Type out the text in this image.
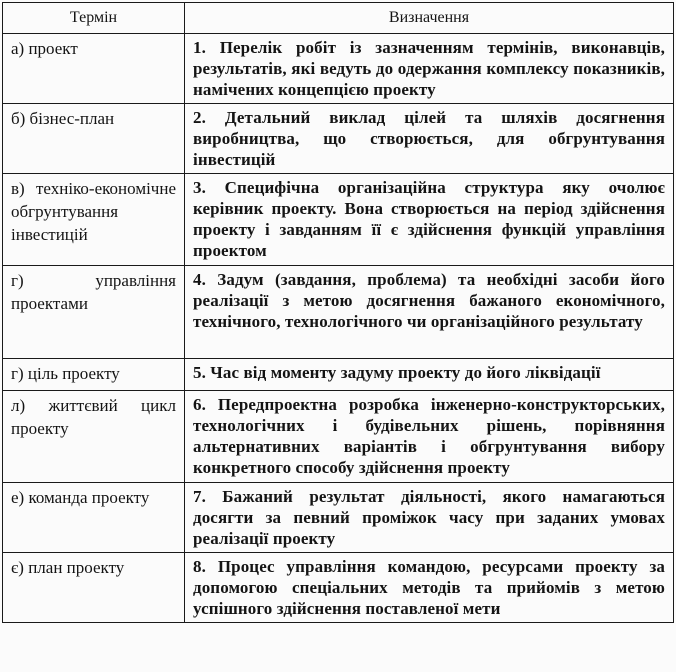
Термін	Визначення
а) проект	1. Перелік робіт із зазначенням термінів, виконавців, результатів, які ведуть до одержання комплексу показників, намічених концепцією проекту
б) бізнес-план	2. Детальний виклад цілей та шляхів досягнення виробництва, що створюється, для обгрунтування інвестицій
в) техніко-економічне обгрунтування інвестицій	3. Специфічна організаційна структура яку очолює керівник проекту. Вона створюється на період здійснення проекту і завданням її є здійснення функцій управління проектом
г) управління проектами	4. Задум (завдання, проблема) та необхідні засоби його реалізації з метою досягнення бажаного економічного, технічного, технологічного чи організаційного результату
г) ціль проекту	5. Час від моменту задуму проекту до його ліквідації
л) життєвий цикл проекту	6. Передпроектна розробка інженерно-конструкторських, технологічних і будівельних рішень, порівняння альтернативних варіантів і обгрунтування вибору конкретного способу здійснення проекту
е) команда проекту	7. Бажаний результат діяльності, якого намагаються досягти за певний проміжок часу при заданих умовах реалізації проекту
є) план проекту	8. Процес управління командою, ресурсами проекту за допомогою спеціальних методів та прийомів з метою успішного здійснення поставленої мети
